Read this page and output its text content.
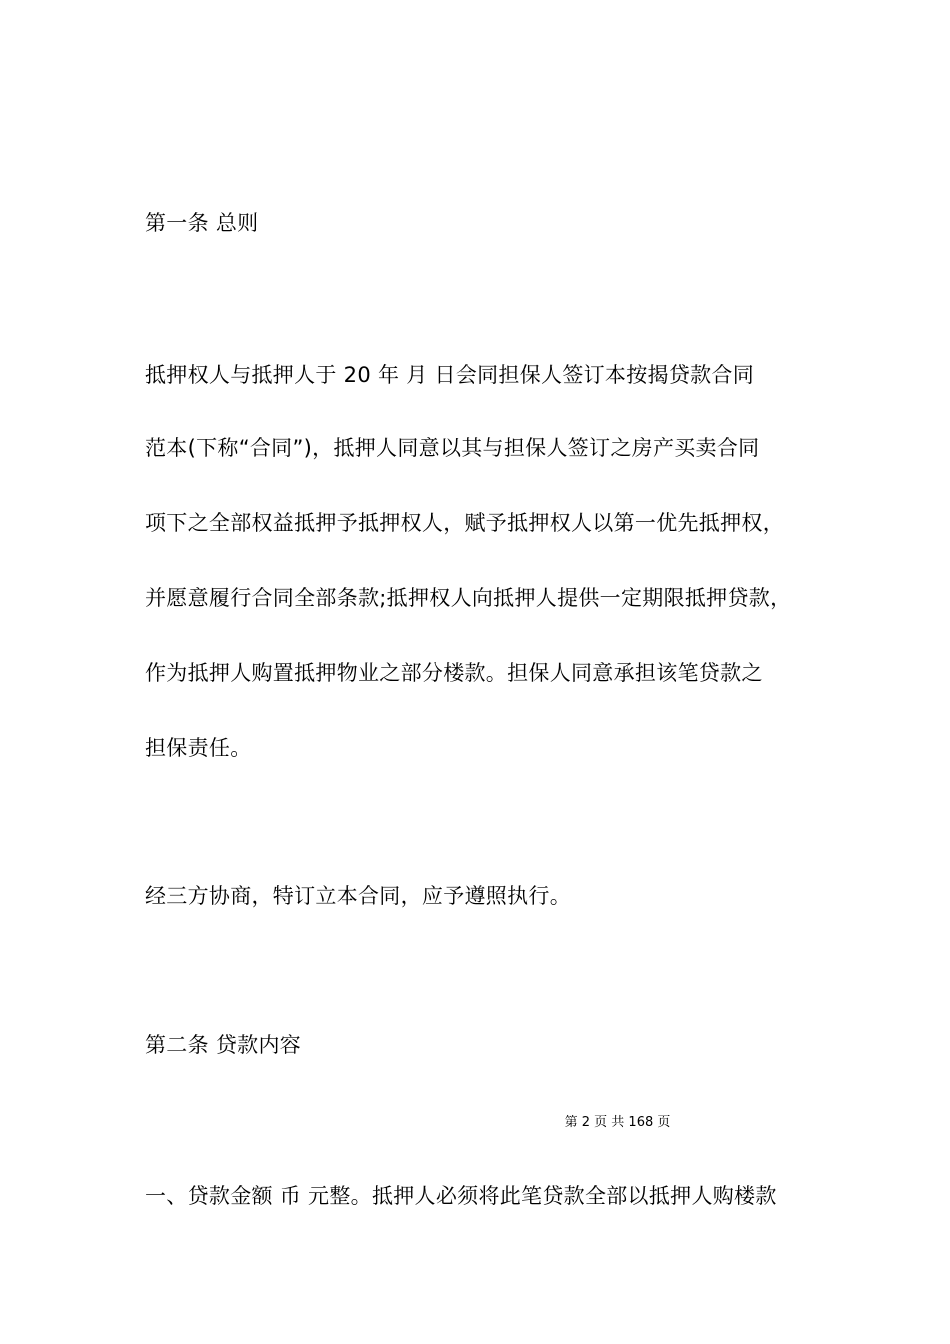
第一条 总则
抵押权人与抵押人于 20 年 月 日会同担保人签订本按揭贷款合同
范本(下称“合同”)，抵押人同意以其与担保人签订之房产买卖合同
项下之全部权益抵押予抵押权人，赋予抵押权人以第一优先抵押权，
并愿意履行合同全部条款;抵押权人向抵押人提供一定期限抵押贷款，
作为抵押人购置抵押物业之部分楼款。担保人同意承担该笔贷款之
担保责任。
经三方协商，特订立本合同，应予遵照执行。
第二条 贷款内容
第 2 页 共 168 页
一、贷款金额 币 元整。抵押人必须将此笔贷款全部以抵押人购楼款
